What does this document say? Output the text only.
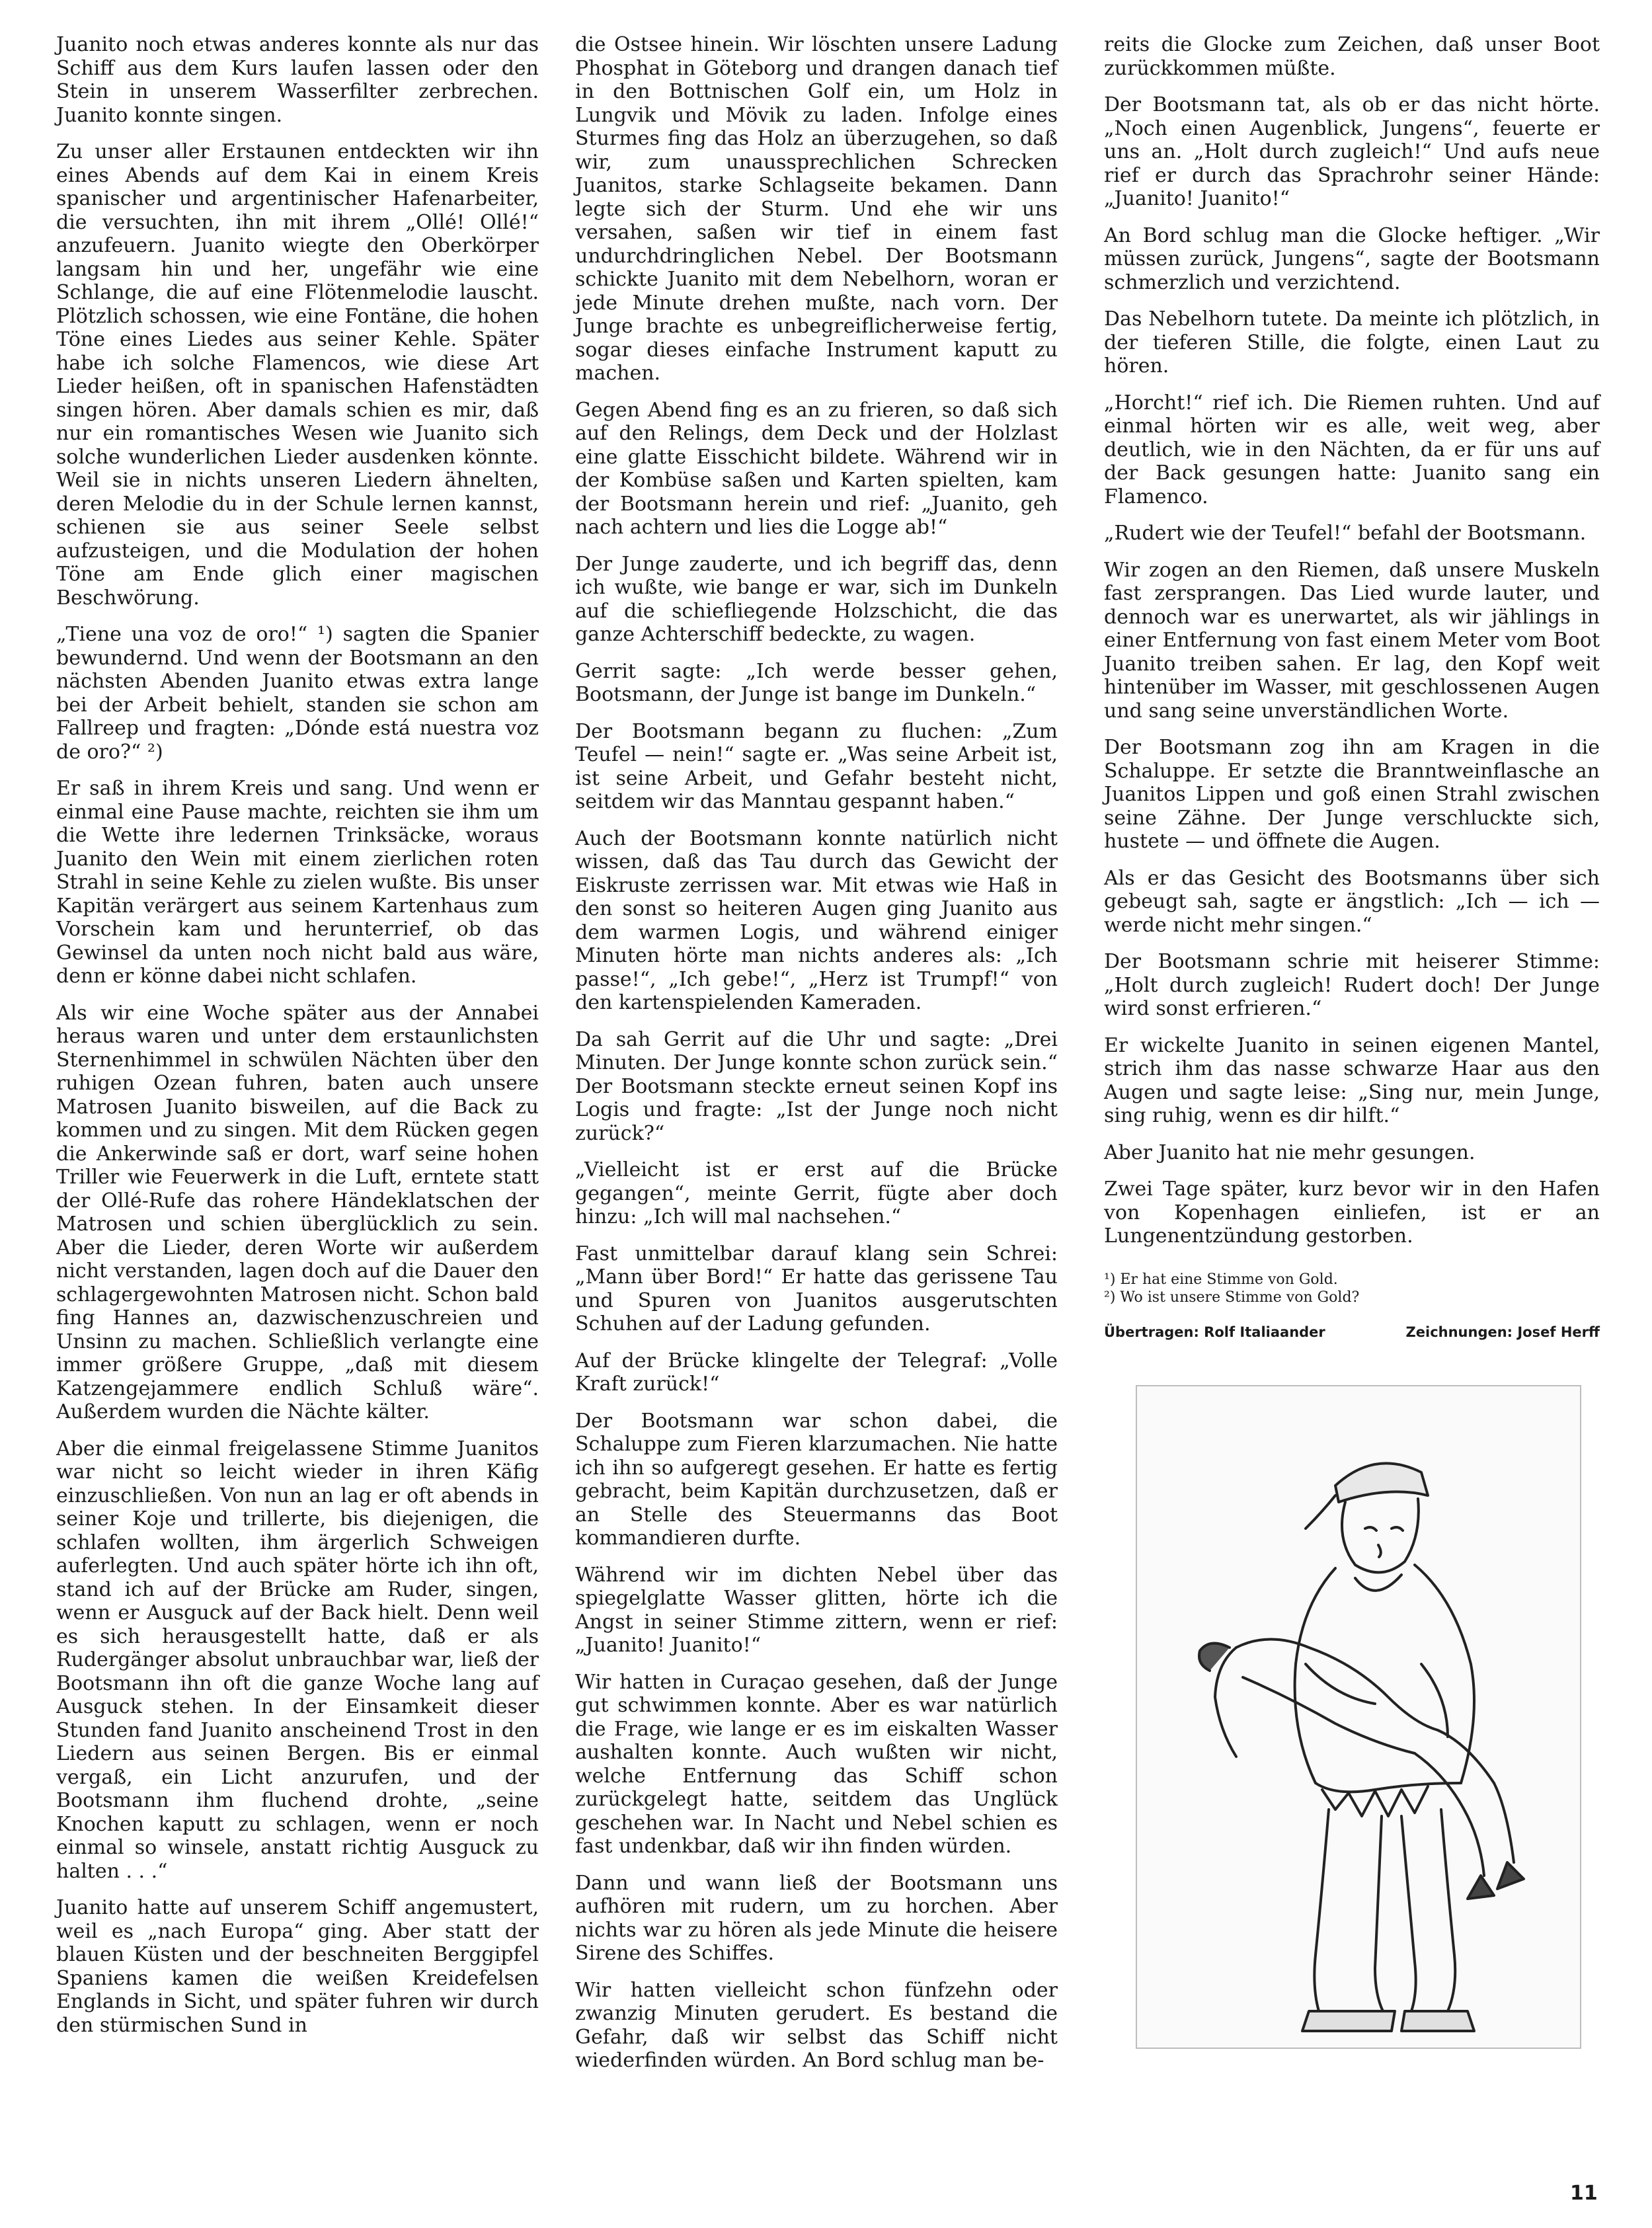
Juanito noch etwas anderes konnte als nur das Schiff aus dem Kurs laufen lassen oder den Stein in unserem Wasserfilter zerbrechen. Juanito konnte singen.

Zu unser aller Erstaunen entdeckten wir ihn eines Abends auf dem Kai in einem Kreis spanischer und argentinischer Hafenarbeiter, die versuchten, ihn mit ihrem „Ollé! Ollé!“ anzufeuern. Juanito wiegte den Oberkörper langsam hin und her, ungefähr wie eine Schlange, die auf eine Flötenmelodie lauscht. Plötzlich schossen, wie eine Fontäne, die hohen Töne eines Liedes aus seiner Kehle. Später habe ich solche Flamencos, wie diese Art Lieder heißen, oft in spanischen Hafenstädten singen hören. Aber damals schien es mir, daß nur ein romantisches Wesen wie Juanito sich solche wunderlichen Lieder ausdenken könnte. Weil sie in nichts unseren Liedern ähnelten, deren Melodie du in der Schule lernen kannst, schienen sie aus seiner Seele selbst aufzusteigen, und die Modulation der hohen Töne am Ende glich einer magischen Beschwörung.

„Tiene una voz de oro!“ ¹) sagten die Spanier bewundernd. Und wenn der Bootsmann an den nächsten Abenden Juanito etwas extra lange bei der Arbeit behielt, standen sie schon am Fallreep und fragten: „Dónde está nuestra voz de oro?“ ²)

Er saß in ihrem Kreis und sang. Und wenn er einmal eine Pause machte, reichten sie ihm um die Wette ihre ledernen Trinksäcke, woraus Juanito den Wein mit einem zierlichen roten Strahl in seine Kehle zu zielen wußte. Bis unser Kapitän verärgert aus seinem Kartenhaus zum Vorschein kam und herunterrief, ob das Gewinsel da unten noch nicht bald aus wäre, denn er könne dabei nicht schlafen.

Als wir eine Woche später aus der Annabei heraus waren und unter dem erstaunlichsten Sternenhimmel in schwülen Nächten über den ruhigen Ozean fuhren, baten auch unsere Matrosen Juanito bisweilen, auf die Back zu kommen und zu singen. Mit dem Rücken gegen die Ankerwinde saß er dort, warf seine hohen Triller wie Feuerwerk in die Luft, erntete statt der Ollé-Rufe das rohere Händeklatschen der Matrosen und schien überglücklich zu sein. Aber die Lieder, deren Worte wir außerdem nicht verstanden, lagen doch auf die Dauer den schlagergewohnten Matrosen nicht. Schon bald fing Hannes an, dazwischenzuschreien und Unsinn zu machen. Schließlich verlangte eine immer größere Gruppe, „daß mit diesem Katzengejammere endlich Schluß wäre“. Außerdem wurden die Nächte kälter.

Aber die einmal freigelassene Stimme Juanitos war nicht so leicht wieder in ihren Käfig einzuschließen. Von nun an lag er oft abends in seiner Koje und trillerte, bis diejenigen, die schlafen wollten, ihm ärgerlich Schweigen auferlegten. Und auch später hörte ich ihn oft, stand ich auf der Brücke am Ruder, singen, wenn er Ausguck auf der Back hielt. Denn weil es sich herausgestellt hatte, daß er als Rudergänger absolut unbrauchbar war, ließ der Bootsmann ihn oft die ganze Woche lang auf Ausguck stehen. In der Einsamkeit dieser Stunden fand Juanito anscheinend Trost in den Liedern aus seinen Bergen. Bis er einmal vergaß, ein Licht anzurufen, und der Bootsmann ihm fluchend drohte, „seine Knochen kaputt zu schlagen, wenn er noch einmal so winsele, anstatt richtig Ausguck zu halten . . .“

Juanito hatte auf unserem Schiff angemustert, weil es „nach Europa“ ging. Aber statt der blauen Küsten und der beschneiten Berggipfel Spaniens kamen die weißen Kreidefelsen Englands in Sicht, und später fuhren wir durch den stürmischen Sund in

die Ostsee hinein. Wir löschten unsere Ladung Phosphat in Göteborg und drangen danach tief in den Bottnischen Golf ein, um Holz in Lungvik und Mövik zu laden. Infolge eines Sturmes fing das Holz an überzugehen, so daß wir, zum unaussprechlichen Schrecken Juanitos, starke Schlagseite bekamen. Dann legte sich der Sturm. Und ehe wir uns versahen, saßen wir tief in einem fast undurchdringlichen Nebel. Der Bootsmann schickte Juanito mit dem Nebelhorn, woran er jede Minute drehen mußte, nach vorn. Der Junge brachte es unbegreiflicherweise fertig, sogar dieses einfache Instrument kaputt zu machen.

Gegen Abend fing es an zu frieren, so daß sich auf den Relings, dem Deck und der Holzlast eine glatte Eisschicht bildete. Während wir in der Kombüse saßen und Karten spielten, kam der Bootsmann herein und rief: „Juanito, geh nach achtern und lies die Logge ab!“

Der Junge zauderte, und ich begriff das, denn ich wußte, wie bange er war, sich im Dunkeln auf die schiefliegende Holzschicht, die das ganze Achterschiff bedeckte, zu wagen.

Gerrit sagte: „Ich werde besser gehen, Bootsmann, der Junge ist bange im Dunkeln.“

Der Bootsmann begann zu fluchen: „Zum Teufel — nein!“ sagte er. „Was seine Arbeit ist, ist seine Arbeit, und Gefahr besteht nicht, seitdem wir das Manntau gespannt haben.“

Auch der Bootsmann konnte natürlich nicht wissen, daß das Tau durch das Gewicht der Eiskruste zerrissen war. Mit etwas wie Haß in den sonst so heiteren Augen ging Juanito aus dem warmen Logis, und während einiger Minuten hörte man nichts anderes als: „Ich passe!“, „Ich gebe!“, „Herz ist Trumpf!“ von den kartenspielenden Kameraden.

Da sah Gerrit auf die Uhr und sagte: „Drei Minuten. Der Junge konnte schon zurück sein.“ Der Bootsmann steckte erneut seinen Kopf ins Logis und fragte: „Ist der Junge noch nicht zurück?“

„Vielleicht ist er erst auf die Brücke gegangen“, meinte Gerrit, fügte aber doch hinzu: „Ich will mal nachsehen.“

Fast unmittelbar darauf klang sein Schrei: „Mann über Bord!“ Er hatte das gerissene Tau und Spuren von Juanitos ausgerutschten Schuhen auf der Ladung gefunden.

Auf der Brücke klingelte der Telegraf: „Volle Kraft zurück!“

Der Bootsmann war schon dabei, die Schaluppe zum Fieren klarzumachen. Nie hatte ich ihn so aufgeregt gesehen. Er hatte es fertig gebracht, beim Kapitän durchzusetzen, daß er an Stelle des Steuermanns das Boot kommandieren durfte.

Während wir im dichten Nebel über das spiegelglatte Wasser glitten, hörte ich die Angst in seiner Stimme zittern, wenn er rief: „Juanito! Juanito!“

Wir hatten in Curaçao gesehen, daß der Junge gut schwimmen konnte. Aber es war natürlich die Frage, wie lange er es im eiskalten Wasser aushalten konnte. Auch wußten wir nicht, welche Entfernung das Schiff schon zurückgelegt hatte, seitdem das Unglück geschehen war. In Nacht und Nebel schien es fast undenkbar, daß wir ihn finden würden.

Dann und wann ließ der Bootsmann uns aufhören mit rudern, um zu horchen. Aber nichts war zu hören als jede Minute die heisere Sirene des Schiffes.

Wir hatten vielleicht schon fünfzehn oder zwanzig Minuten gerudert. Es bestand die Gefahr, daß wir selbst das Schiff nicht wiederfinden würden. An Bord schlug man be-

reits die Glocke zum Zeichen, daß unser Boot zurückkommen müßte.

Der Bootsmann tat, als ob er das nicht hörte. „Noch einen Augenblick, Jungens“, feuerte er uns an. „Holt durch zugleich!“ Und aufs neue rief er durch das Sprachrohr seiner Hände: „Juanito! Juanito!“

An Bord schlug man die Glocke heftiger. „Wir müssen zurück, Jungens“, sagte der Bootsmann schmerzlich und verzichtend.

Das Nebelhorn tutete. Da meinte ich plötzlich, in der tieferen Stille, die folgte, einen Laut zu hören.

„Horcht!“ rief ich. Die Riemen ruhten. Und auf einmal hörten wir es alle, weit weg, aber deutlich, wie in den Nächten, da er für uns auf der Back gesungen hatte: Juanito sang ein Flamenco.

„Rudert wie der Teufel!“ befahl der Bootsmann.

Wir zogen an den Riemen, daß unsere Muskeln fast zersprangen. Das Lied wurde lauter, und dennoch war es unerwartet, als wir jählings in einer Entfernung von fast einem Meter vom Boot Juanito treiben sahen. Er lag, den Kopf weit hintenüber im Wasser, mit geschlossenen Augen und sang seine unverständlichen Worte.

Der Bootsmann zog ihn am Kragen in die Schaluppe. Er setzte die Branntweinflasche an Juanitos Lippen und goß einen Strahl zwischen seine Zähne. Der Junge verschluckte sich, hustete — und öffnete die Augen.

Als er das Gesicht des Bootsmanns über sich gebeugt sah, sagte er ängstlich: „Ich — ich — werde nicht mehr singen.“

Der Bootsmann schrie mit heiserer Stimme: „Holt durch zugleich! Rudert doch! Der Junge wird sonst erfrieren.“

Er wickelte Juanito in seinen eigenen Mantel, strich ihm das nasse schwarze Haar aus den Augen und sagte leise: „Sing nur, mein Junge, sing ruhig, wenn es dir hilft.“

Aber Juanito hat nie mehr gesungen.

Zwei Tage später, kurz bevor wir in den Hafen von Kopenhagen einliefen, ist er an Lungenentzündung gestorben.

¹) Er hat eine Stimme von Gold.
²) Wo ist unsere Stimme von Gold?
Übertragen: Rolf Italiaander	Zeichnungen: Josef Herff
11
